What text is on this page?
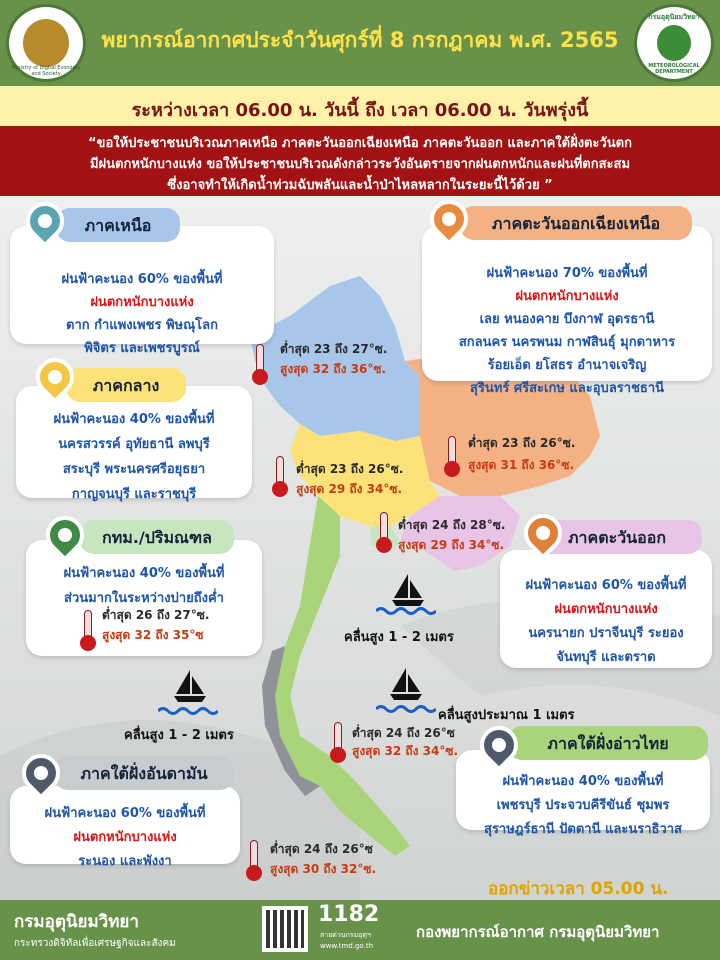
Ministry of Digital Economy and Society
พยากรณ์อากาศประจำวันศุกร์ที่ 8 กรกฎาคม พ.ศ. 2565
กรมอุตุนิยมวิทยา
METEOROLOGICAL DEPARTMENT
ระหว่างเวลา 06.00 น. วันนี้ ถึง เวลา 06.00 น. วันพรุ่งนี้
“ขอให้ประชาชนบริเวณภาคเหนือ ภาคตะวันออกเฉียงเหนือ ภาคตะวันออก และภาคใต้ฝั่งตะวันตก
มีฝนตกหนักบางแห่ง ขอให้ประชาชนบริเวณดังกล่าวระวังอันตรายจากฝนตกหนักและฝนที่ตกสะสม
ซึ่งอาจทำให้เกิดน้ำท่วมฉับพลันและน้ำป่าไหลหลากในระยะนี้ไว้ด้วย ”
ฝนฟ้าคะนอง 60% ของพื้นที่
ฝนตกหนักบางแห่ง
ตาก กำแพงเพชร พิษณุโลก
พิจิตร และเพชรบูรณ์
ภาคเหนือ
ฝนฟ้าคะนอง 70% ของพื้นที่
ฝนตกหนักบางแห่ง
เลย หนองคาย บึงกาฬ อุดรธานี
สกลนคร นครพนม กาฬสินธุ์ มุกดาหาร
ร้อยเอ็ด ยโสธร อำนาจเจริญ
สุรินทร์ ศรีสะเกษ และอุบลราชธานี
ภาคตะวันออกเฉียงเหนือ
ฝนฟ้าคะนอง 40% ของพื้นที่
นครสวรรค์ อุทัยธานี ลพบุรี
สระบุรี พระนครศรีอยุธยา
กาญจนบุรี และราชบุรี
ภาคกลาง
ฝนฟ้าคะนอง 40% ของพื้นที่
ส่วนมากในระหว่างบ่ายถึงค่ำ
ต่ำสุด 26 ถึง 27°ซ.
สูงสุด 32 ถึง 35°ซ
กทม./ปริมณฑล
ฝนฟ้าคะนอง 60% ของพื้นที่
ฝนตกหนักบางแห่ง
นครนายก ปราจีนบุรี ระยอง
จันทบุรี และตราด
ภาคตะวันออก
ฝนฟ้าคะนอง 40% ของพื้นที่
เพชรบุรี ประจวบคีรีขันธ์ ชุมพร
สุราษฎร์ธานี ปัตตานี และนราธิวาส
ภาคใต้ฝั่งอ่าวไทย
ฝนฟ้าคะนอง 60% ของพื้นที่
ฝนตกหนักบางแห่ง
ระนอง และพังงา
ภาคใต้ฝั่งอันดามัน
ต่ำสุด 23 ถึง 27°ซ.
สูงสุด 32 ถึง 36°ซ.
ต่ำสุด 23 ถึง 26°ซ.
สูงสุด 31 ถึง 36°ซ.
ต่ำสุด 23 ถึง 26°ซ.
สูงสุด 29 ถึง 34°ซ.
ต่ำสุด 24 ถึง 28°ซ.
สูงสุด 29 ถึง 34°ซ.
ต่ำสุด 24 ถึง 26°ซ
สูงสุด 32 ถึง 34°ซ.
ต่ำสุด 24 ถึง 26°ซ
สูงสุด 30 ถึง 32°ซ.
คลื่นสูง 1 - 2 เมตร
คลื่นสูง 1 - 2 เมตร
คลื่นสูงประมาณ 1 เมตร
ออกข่าวเวลา 05.00 น.
กรมอุตุนิยมวิทยา
กระทรวงดิจิทัลเพื่อเศรษฐกิจและสังคม
1182
สายด่วนกรมอุตุฯ
www.tmd.go.th
กองพยากรณ์อากาศ กรมอุตุนิยมวิทยา
